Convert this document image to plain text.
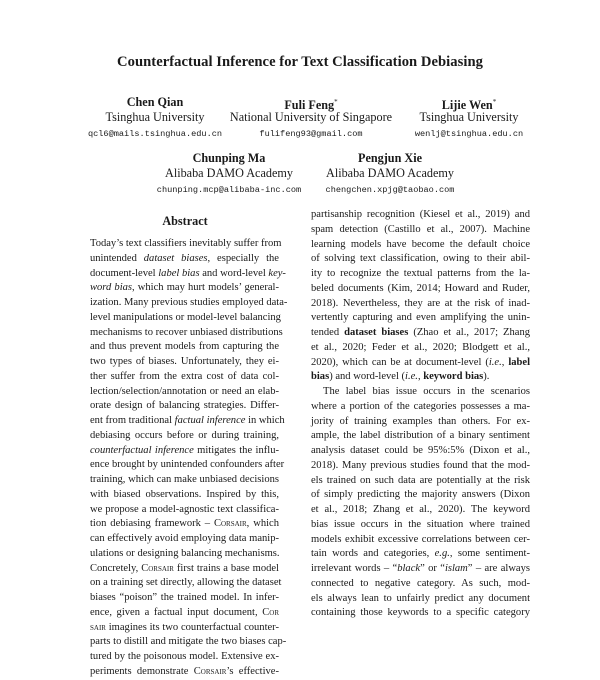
Counterfactual Inference for Text Classification Debiasing
Chen Qian
Tsinghua University
qcl6@mails.tsinghua.edu.cn
Fuli Feng*
National University of Singapore
fulifeng93@gmail.com
Lijie Wen*
Tsinghua University
wenlj@tsinghua.edu.cn
Chunping Ma
Alibaba DAMO Academy
chunping.mcp@alibaba-inc.com
Pengjun Xie
Alibaba DAMO Academy
chengchen.xpjg@taobao.com
Abstract
Today’s text classifiers inevitably suffer from
unintended dataset biases, especially the
document-level label bias and word-level key-
word bias, which may hurt models’ general-
ization. Many previous studies employed data-
level manipulations or model-level balancing
mechanisms to recover unbiased distributions
and thus prevent models from capturing the
two types of biases. Unfortunately, they ei-
ther suffer from the extra cost of data col-
lection/selection/annotation or need an elab-
orate design of balancing strategies. Differ-
ent from traditional factual inference in which
debiasing occurs before or during training,
counterfactual inference mitigates the influ-
ence brought by unintended confounders after
training, which can make unbiased decisions
with biased observations. Inspired by this,
we propose a model-agnostic text classifica-
tion debiasing framework – Corsair, which
can effectively avoid employing data manip-
ulations or designing balancing mechanisms.
Concretely, Corsair first trains a base model
on a training set directly, allowing the dataset
biases “poison” the trained model. In infer-
ence, given a factual input document, Cor
sair imagines its two counterfactual counter-
parts to distill and mitigate the two biases cap-
tured by the poisonous model. Extensive ex-
periments demonstrate Corsair’s effective-
partisanship recognition (Kiesel et al., 2019) and
spam detection (Castillo et al., 2007). Machine
learning models have become the default choice
of solving text classification, owing to their abil-
ity to recognize the textual patterns from the la-
beled documents (Kim, 2014; Howard and Ruder,
2018). Nevertheless, they are at the risk of inad-
vertently capturing and even amplifying the unin-
tended dataset biases (Zhao et al., 2017; Zhang
et al., 2020; Feder et al., 2020; Blodgett et al.,
2020), which can be at document-level (i.e., label
bias) and word-level (i.e., keyword bias).
The label bias issue occurs in the scenarios
where a portion of the categories possesses a ma-
jority of training examples than others. For ex-
ample, the label distribution of a binary sentiment
analysis dataset could be 95%:5% (Dixon et al.,
2018). Many previous studies found that the mod-
els trained on such data are potentially at the risk
of simply predicting the majority answers (Dixon
et al., 2018; Zhang et al., 2020). The keyword
bias issue occurs in the situation where trained
models exhibit excessive correlations between cer-
tain words and categories, e.g., some sentiment-
irrelevant words – “black” or “islam” – are always
connected to negative category. As such, mod-
els always lean to unfairly predict any document
containing those keywords to a specific category
